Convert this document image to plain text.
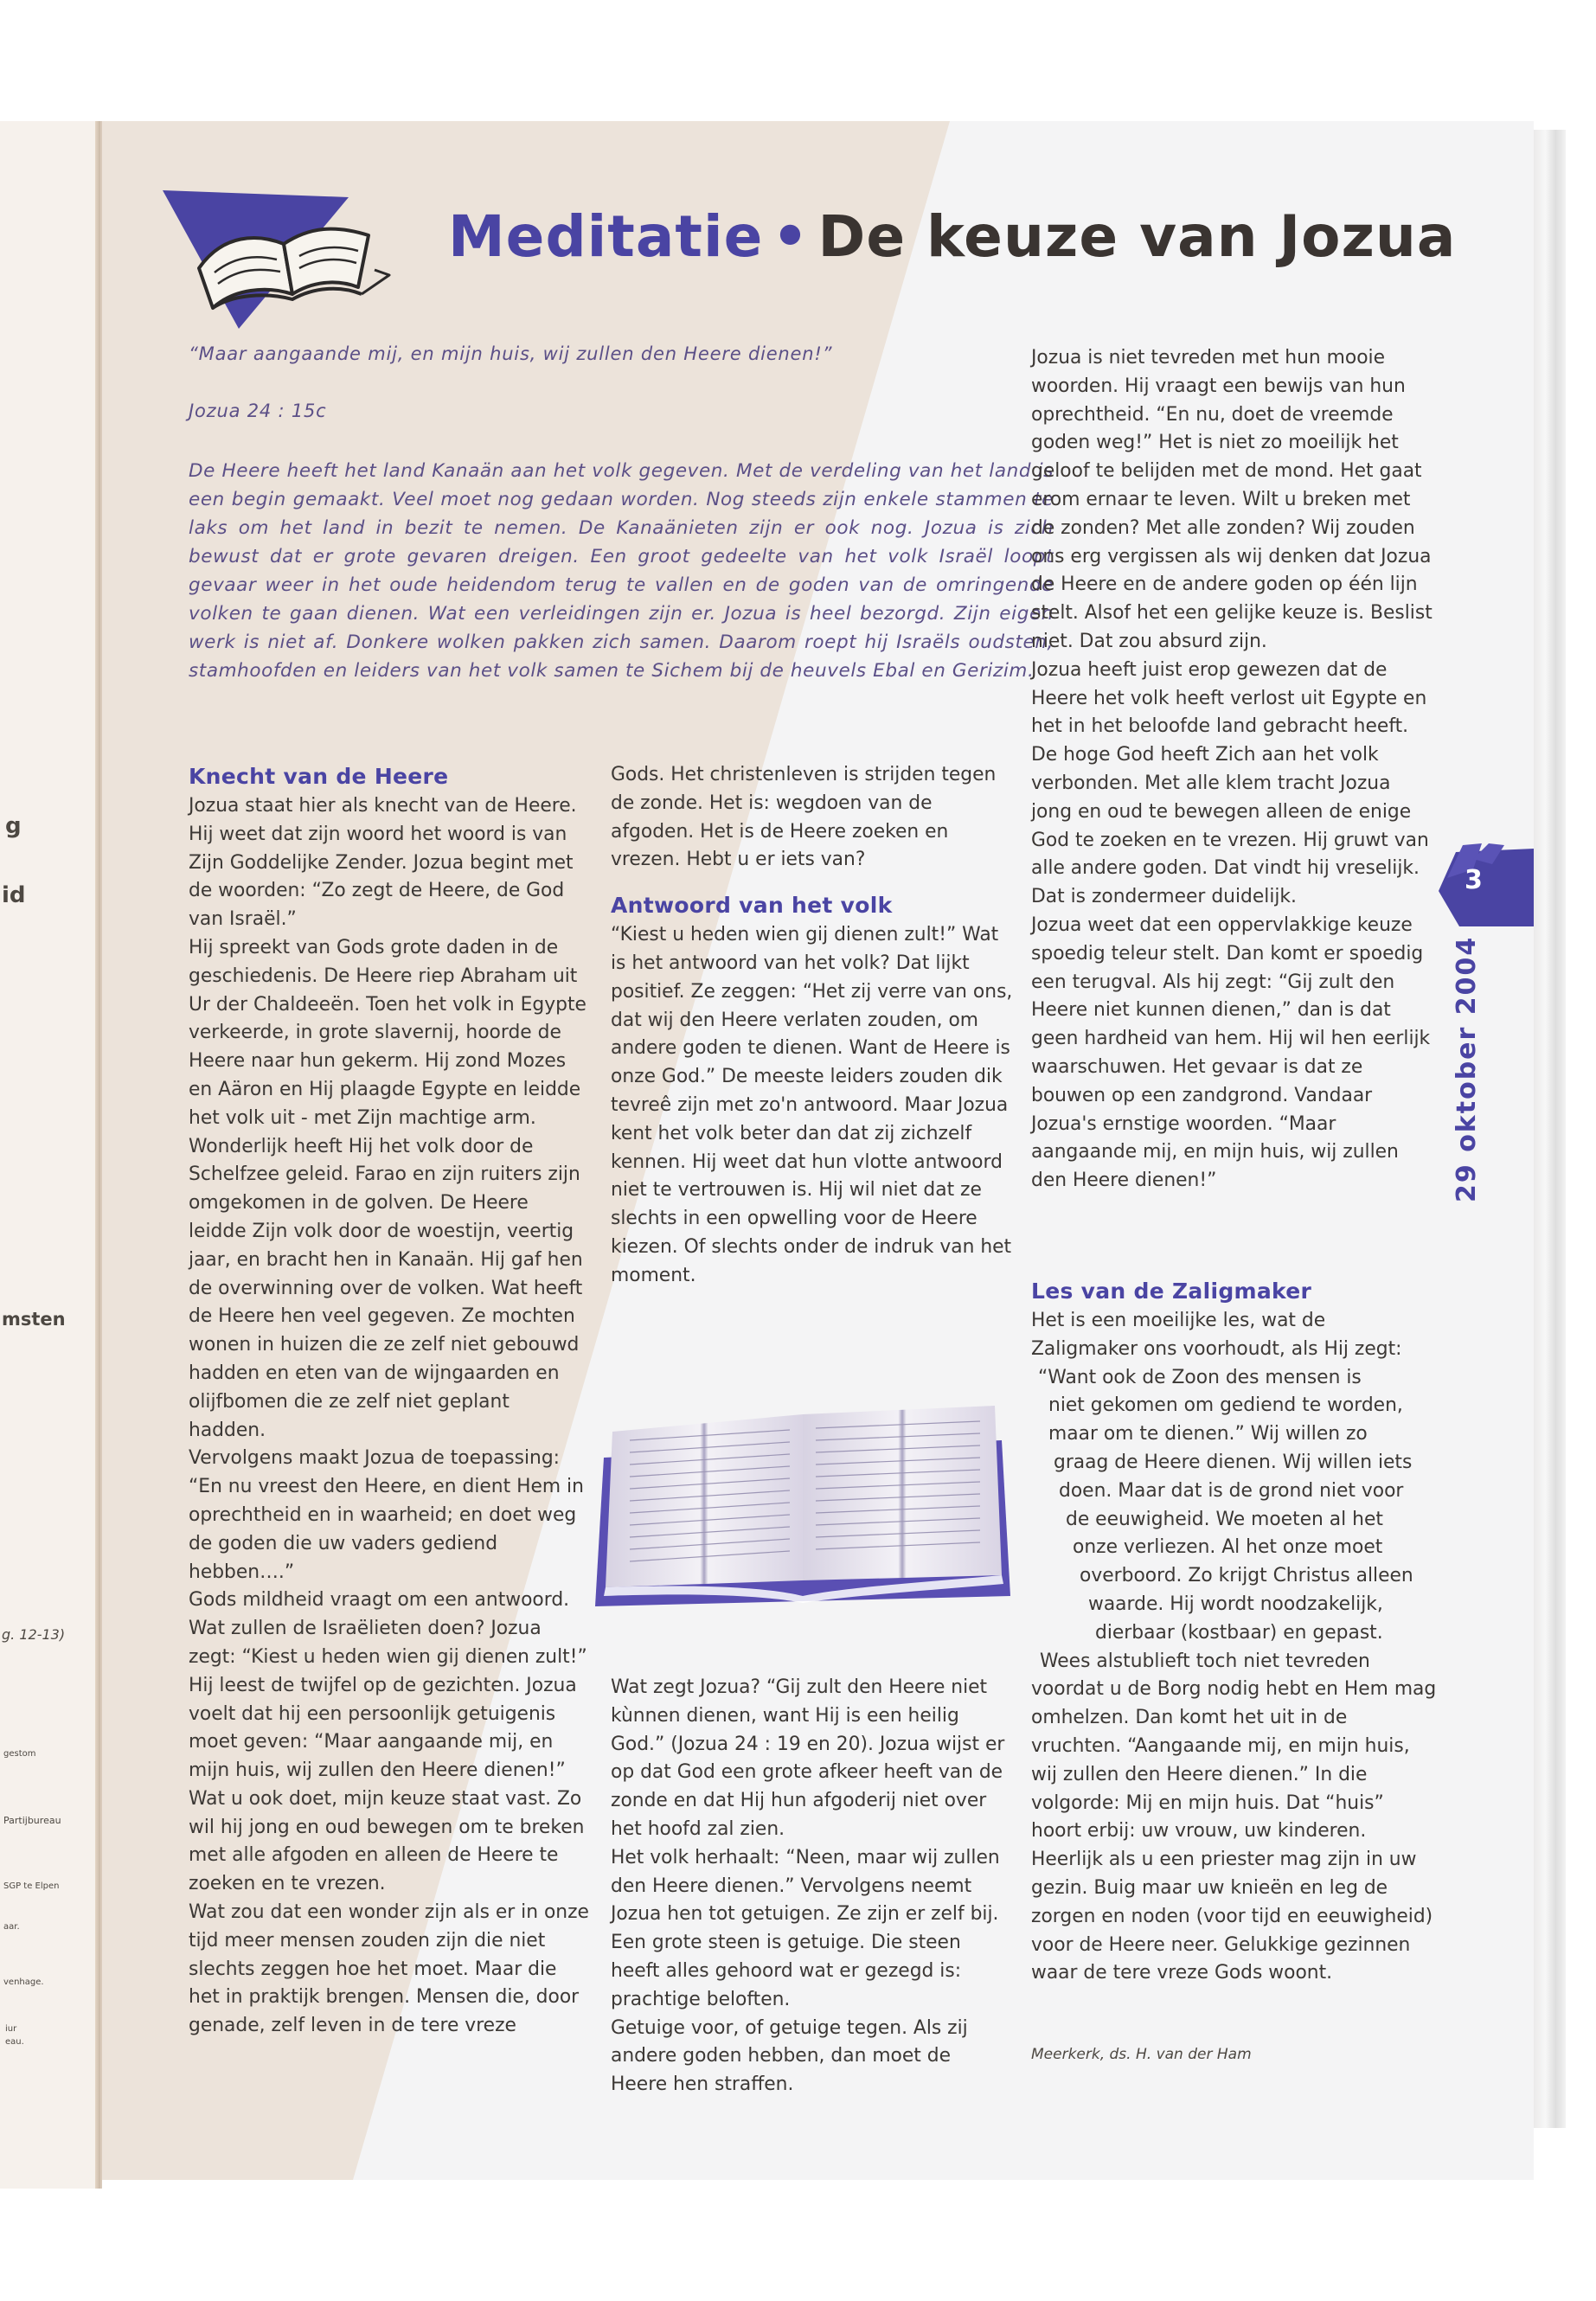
g
id
msten
g. 12-13)
gestom
Partijbureau
SGP te Elpen
aar.
venhage.
iur
eau.
Meditatie • De keuze van Jozua
“Maar aangaande mij, en mijn huis, wij zullen den Heere dienen!”
Jozua 24 : 15c
De Heere heeft het land Kanaän aan het volk gegeven. Met de verdeling van het land is een begin gemaakt. Veel moet nog gedaan worden. Nog steeds zijn enkele stammen te laks om het land in bezit te nemen. De Kanaänieten zijn er ook nog. Jozua is zich bewust dat er grote gevaren dreigen. Een groot gedeelte van het volk Israël loopt gevaar weer in het oude heidendom terug te vallen en de goden van de omringende volken te gaan dienen. Wat een verleidingen zijn er. Jozua is heel bezorgd. Zijn eigen werk is niet af. Donkere wolken pakken zich samen. Daarom roept hij Israëls oudsten, stamhoofden en leiders van het volk samen te Sichem bij de heuvels Ebal en Gerizim.
Knecht van de Heere
Jozua staat hier als knecht van de Heere. Hij weet dat zijn woord het woord is van Zijn Goddelijke Zender. Jozua begint met de woorden: “Zo zegt de Heere, de God van Israël.”
Hij spreekt van Gods grote daden in de geschiedenis. De Heere riep Abraham uit Ur der Chaldeeën. Toen het volk in Egypte verkeerde, in grote slavernij, hoorde de Heere naar hun gekerm. Hij zond Mozes en Aäron en Hij plaagde Egypte en leidde het volk uit - met Zijn machtige arm. Wonderlijk heeft Hij het volk door de Schelfzee geleid. Farao en zijn ruiters zijn omgekomen in de golven. De Heere leidde Zijn volk door de woestijn, veertig jaar, en bracht hen in Kanaän. Hij gaf hen de overwinning over de volken. Wat heeft de Heere hen veel gegeven. Ze mochten wonen in huizen die ze zelf niet gebouwd hadden en eten van de wijngaarden en olijfbomen die ze zelf niet geplant hadden.
Vervolgens maakt Jozua de toepassing: “En nu vreest den Heere, en dient Hem in oprechtheid en in waarheid; en doet weg de goden die uw vaders gediend hebben….”
Gods mildheid vraagt om een antwoord. Wat zullen de Israëlieten doen? Jozua zegt: “Kiest u heden wien gij dienen zult!” Hij leest de twijfel op de gezichten. Jozua voelt dat hij een persoonlijk getuigenis moet geven: “Maar aangaande mij, en mijn huis, wij zullen den Heere dienen!” Wat u ook doet, mijn keuze staat vast. Zo wil hij jong en oud bewegen om te breken met alle afgoden en alleen de Heere te zoeken en te vrezen.
Wat zou dat een wonder zijn als er in onze tijd meer mensen zouden zijn die niet slechts zeggen hoe het moet. Maar die het in praktijk brengen. Mensen die, door genade, zelf leven in de tere vreze
Gods. Het christenleven is strijden tegen de zonde. Het is: wegdoen van de afgoden. Het is de Heere zoeken en vrezen. Hebt u er iets van?
Antwoord van het volk
“Kiest u heden wien gij dienen zult!” Wat is het antwoord van het volk? Dat lijkt positief. Ze zeggen: “Het zij verre van ons, dat wij den Heere verlaten zouden, om andere goden te dienen. Want de Heere is onze God.” De meeste leiders zouden dik tevreê zijn met zo'n antwoord. Maar Jozua kent het volk beter dan dat zij zichzelf kennen. Hij weet dat hun vlotte antwoord niet te vertrouwen is. Hij wil niet dat ze slechts in een opwelling voor de Heere kiezen. Of slechts onder de indruk van het moment.
Wat zegt Jozua? “Gij zult den Heere niet kùnnen dienen, want Hij is een heilig God.” (Jozua 24 : 19 en 20). Jozua wijst er op dat God een grote afkeer heeft van de zonde en dat Hij hun afgoderij niet over het hoofd zal zien.
Het volk herhaalt: “Neen, maar wij zullen den Heere dienen.” Vervolgens neemt Jozua hen tot getuigen. Ze zijn er zelf bij. Een grote steen is getuige. Die steen heeft alles gehoord wat er gezegd is: prachtige beloften.
Getuige voor, of getuige tegen. Als zij andere goden hebben, dan moet de Heere hen straffen.
Jozua is niet tevreden met hun mooie woorden. Hij vraagt een bewijs van hun oprechtheid. “En nu, doet de vreemde goden weg!” Het is niet zo moeilijk het geloof te belijden met de mond. Het gaat erom ernaar te leven. Wilt u breken met de zonden? Met alle zonden? Wij zouden ons erg vergissen als wij denken dat Jozua de Heere en de andere goden op één lijn stelt. Alsof het een gelijke keuze is. Beslist niet. Dat zou absurd zijn.
Jozua heeft juist erop gewezen dat de Heere het volk heeft verlost uit Egypte en het in het beloofde land gebracht heeft. De hoge God heeft Zich aan het volk verbonden. Met alle klem tracht Jozua jong en oud te bewegen alleen de enige God te zoeken en te vrezen. Hij gruwt van alle andere goden. Dat vindt hij vreselijk. Dat is zondermeer duidelijk.
Jozua weet dat een oppervlakkige keuze spoedig teleur stelt. Dan komt er spoedig een terugval. Als hij zegt: “Gij zult den Heere niet kunnen dienen,” dan is dat geen hardheid van hem. Hij wil hen eerlijk waarschuwen. Het gevaar is dat ze bouwen op een zandgrond. Vandaar Jozua's ernstige woorden. “Maar aangaande mij, en mijn huis, wij zullen den Heere dienen!”
Les van de Zaligmaker
Het is een moeilijke les, wat de Zaligmaker ons voorhoudt, als Hij zegt:
“Want ook de Zoon des mensen is
niet gekomen om gediend te worden,
maar om te dienen.” Wij willen zo
graag de Heere dienen. Wij willen iets
doen. Maar dat is de grond niet voor
de eeuwigheid. We moeten al het
onze verliezen. Al het onze moet
overboord. Zo krijgt Christus alleen
waarde. Hij wordt noodzakelijk,
dierbaar (kostbaar) en gepast.
Wees alstublieft toch niet tevreden voordat u de Borg nodig hebt en Hem mag omhelzen. Dan komt het uit in de vruchten. “Aangaande mij, en mijn huis, wij zullen den Heere dienen.” In die volgorde: Mij en mijn huis. Dat “huis” hoort erbij: uw vrouw, uw kinderen. Heerlijk als u een priester mag zijn in uw gezin. Buig maar uw knieën en leg de zorgen en noden (voor tijd en eeuwigheid) voor de Heere neer. Gelukkige gezinnen waar de tere vreze Gods woont.
Meerkerk, ds. H. van der Ham
3
29 oktober 2004
